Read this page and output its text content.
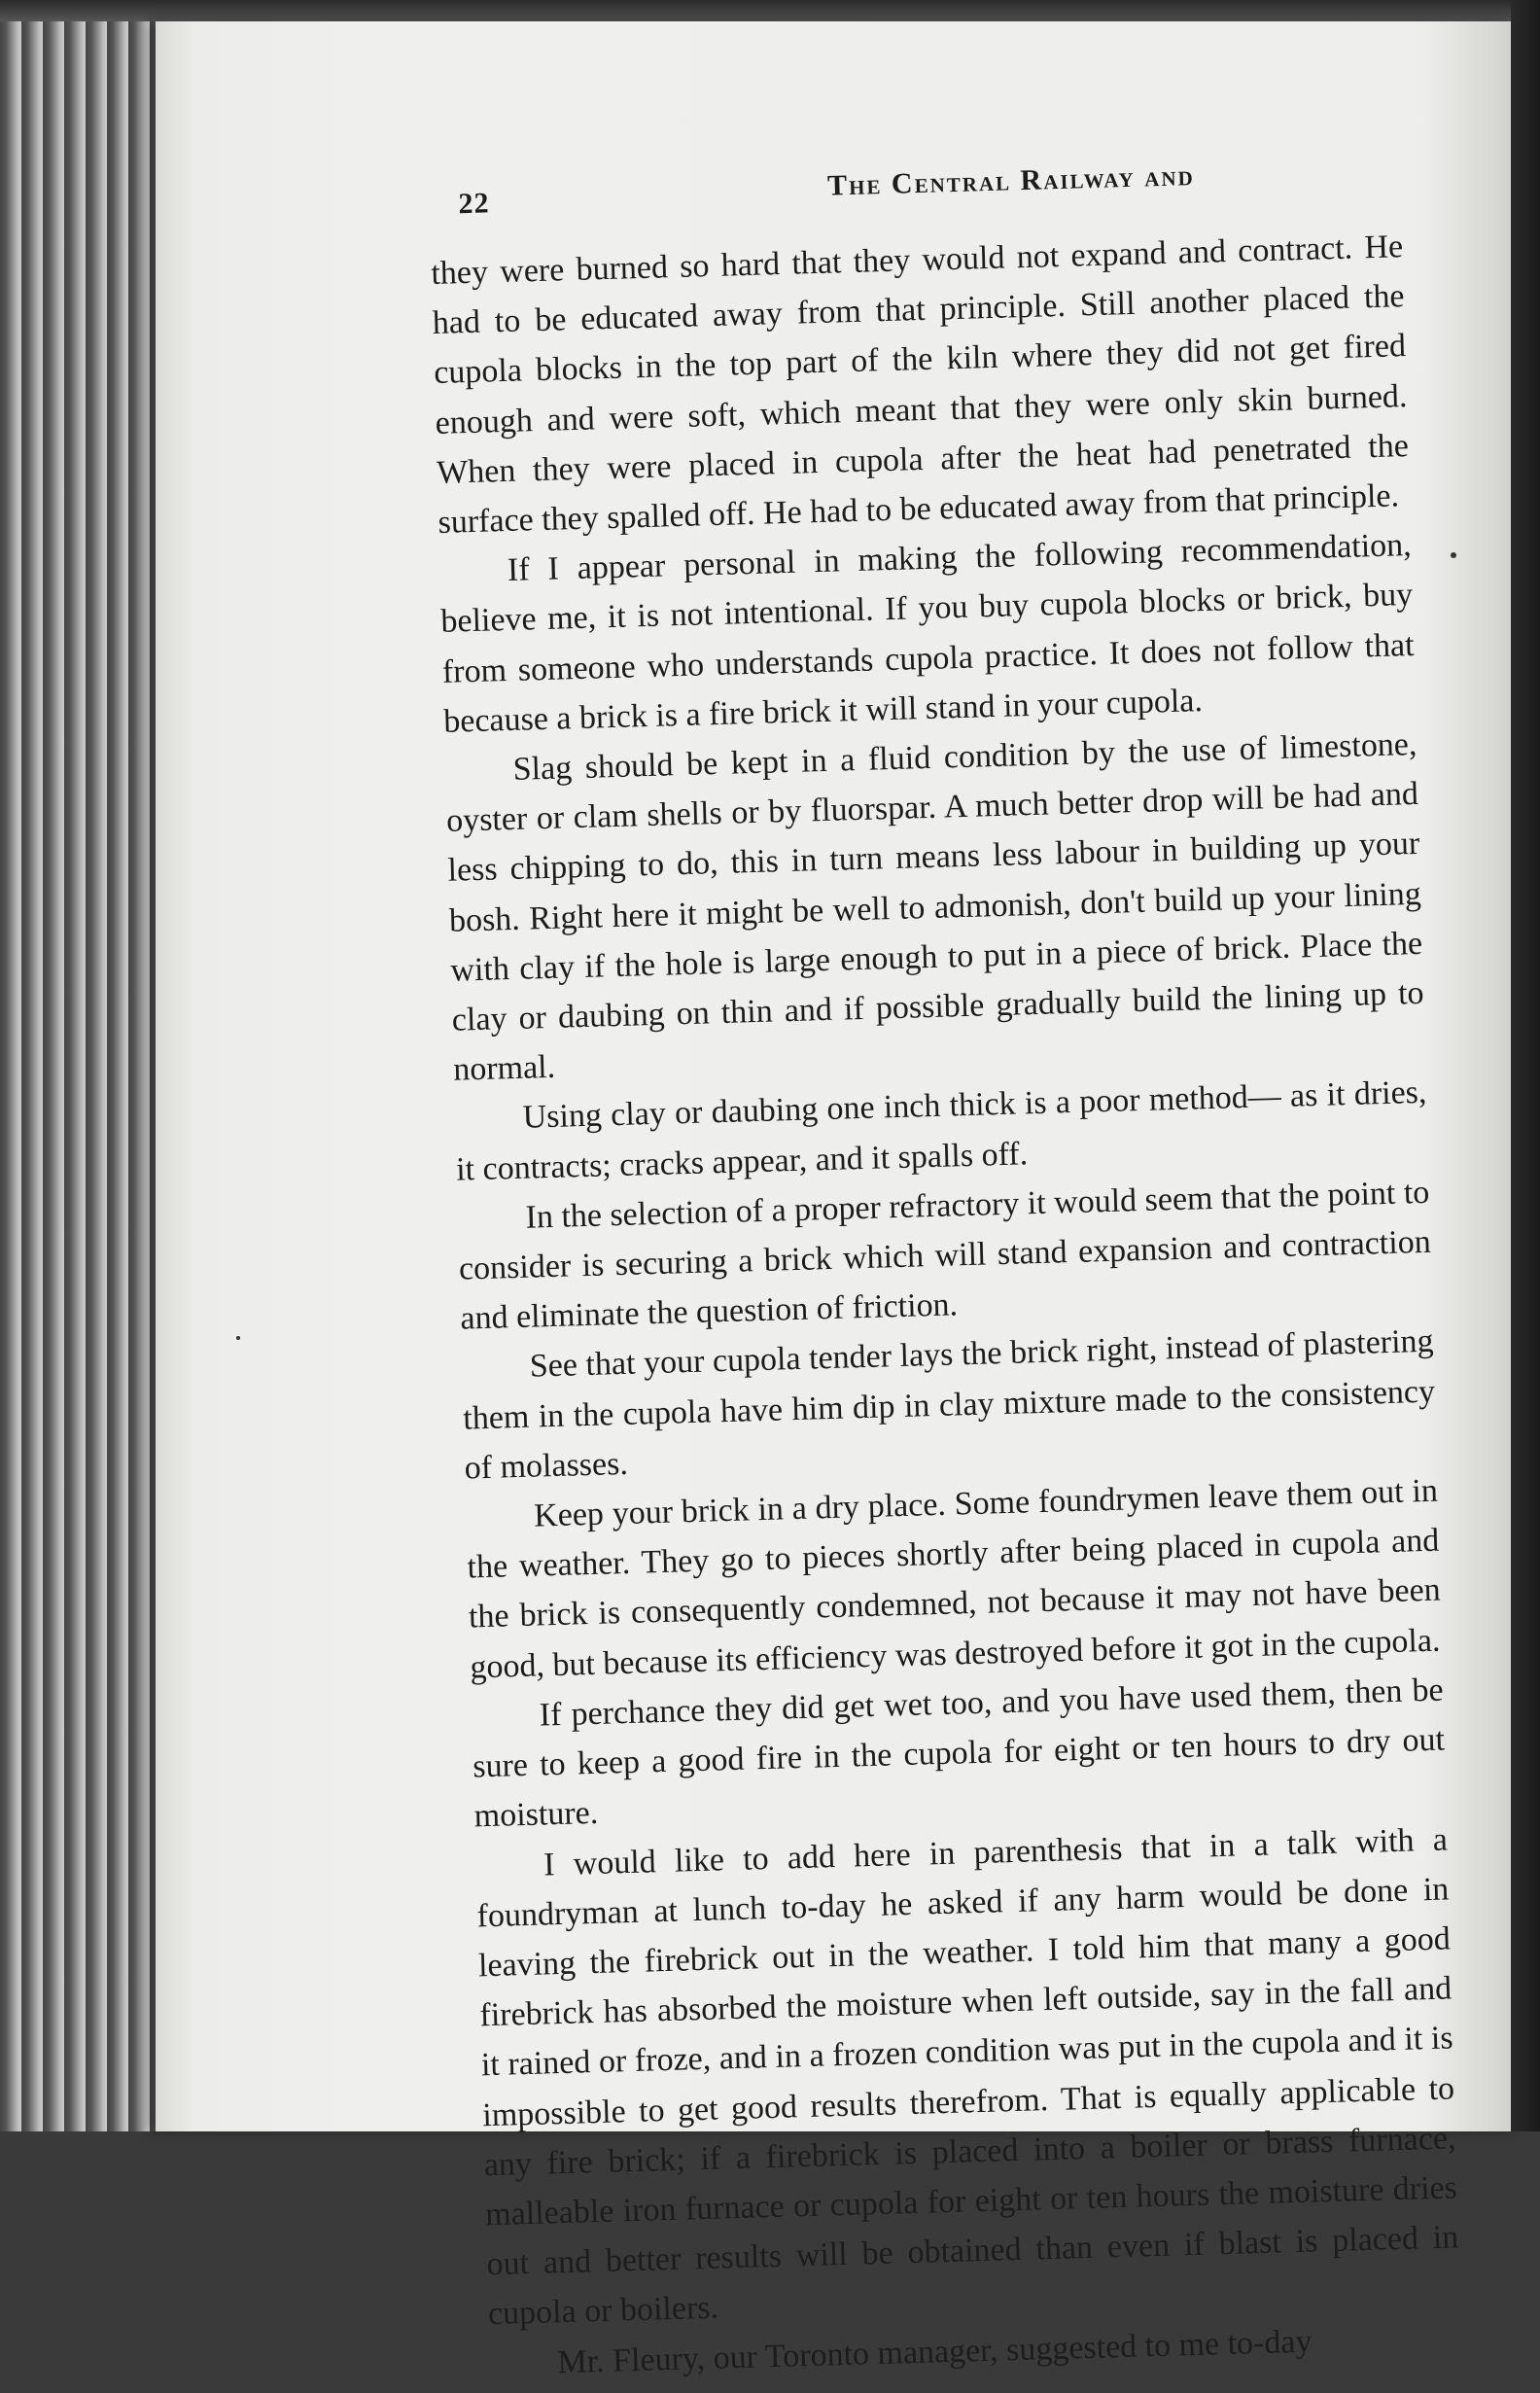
22
The Central Railway and

they were burned so hard that they would not expand and contract. He had to be educated away from that principle. Still another placed the cupola blocks in the top part of the kiln where they did not get fired enough and were soft, which meant that they were only skin burned. When they were placed in cupola after the heat had penetrated the surface they spalled off. He had to be educated away from that principle.

If I appear personal in making the following recommendation, believe me, it is not intentional. If you buy cupola blocks or brick, buy from someone who understands cupola practice. It does not follow that because a brick is a fire brick it will stand in your cupola.

Slag should be kept in a fluid condition by the use of limestone, oyster or clam shells or by fluorspar. A much better drop will be had and less chipping to do, this in turn means less labour in building up your bosh. Right here it might be well to admonish, don't build up your lining with clay if the hole is large enough to put in a piece of brick. Place the clay or daubing on thin and if possible gradually build the lining up to normal.

Using clay or daubing one inch thick is a poor method— as it dries, it contracts; cracks appear, and it spalls off.

In the selection of a proper refractory it would seem that the point to consider is securing a brick which will stand expansion and contraction and eliminate the question of friction.

See that your cupola tender lays the brick right, instead of plastering them in the cupola have him dip in clay mixture made to the consistency of molasses.

Keep your brick in a dry place. Some foundrymen leave them out in the weather. They go to pieces shortly after being placed in cupola and the brick is consequently condemned, not because it may not have been good, but because its efficiency was destroyed before it got in the cupola.

If perchance they did get wet too, and you have used them, then be sure to keep a good fire in the cupola for eight or ten hours to dry out moisture.

I would like to add here in parenthesis that in a talk with a foundryman at lunch to-day he asked if any harm would be done in leaving the firebrick out in the weather. I told him that many a good firebrick has absorbed the moisture when left outside, say in the fall and it rained or froze, and in a frozen condition was put in the cupola and it is impossible to get good results therefrom. That is equally applicable to any fire brick; if a firebrick is placed into a boiler or brass furnace, malleable iron furnace or cupola for eight or ten hours the moisture dries out and better results will be obtained than even if blast is placed in cupola or boilers.

Mr. Fleury, our Toronto manager, suggested to me to-day
